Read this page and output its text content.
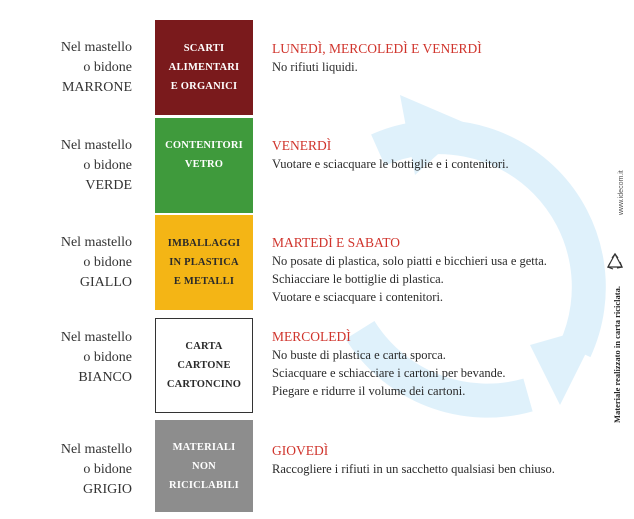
Nel mastello
o bidone
MARRONE
SCARTI
ALIMENTARI
E ORGANICI

LUNEDÌ, MERCOLEDÌ E VENERDÌ

No rifiuti liquidi.

Nel mastello
o bidone
VERDE
CONTENITORI
VETRO

VENERDÌ

Vuotare e sciacquare le bottiglie e i contenitori.

Nel mastello
o bidone
GIALLO
IMBALLAGGI
IN PLASTICA
E METALLI

MARTEDÌ E SABATO

No posate di plastica, solo piatti e bicchieri usa e getta.

Schiacciare le bottiglie di plastica.

Vuotare e sciacquare i contenitori.

Nel mastello
o bidone
BIANCO
CARTA
CARTONE
CARTONCINO

MERCOLEDÌ

No buste di plastica e carta sporca.

Sciacquare e schiacciare i cartoni per bevande.

Piegare e ridurre il volume dei cartoni.

Nel mastello
o bidone
GRIGIO
MATERIALI
NON
RICICLABILI

GIOVEDÌ

Raccogliere i rifiuti in un sacchetto qualsiasi ben chiuso.

www.idecom.it
Materiale realizzato in carta riciclata.
